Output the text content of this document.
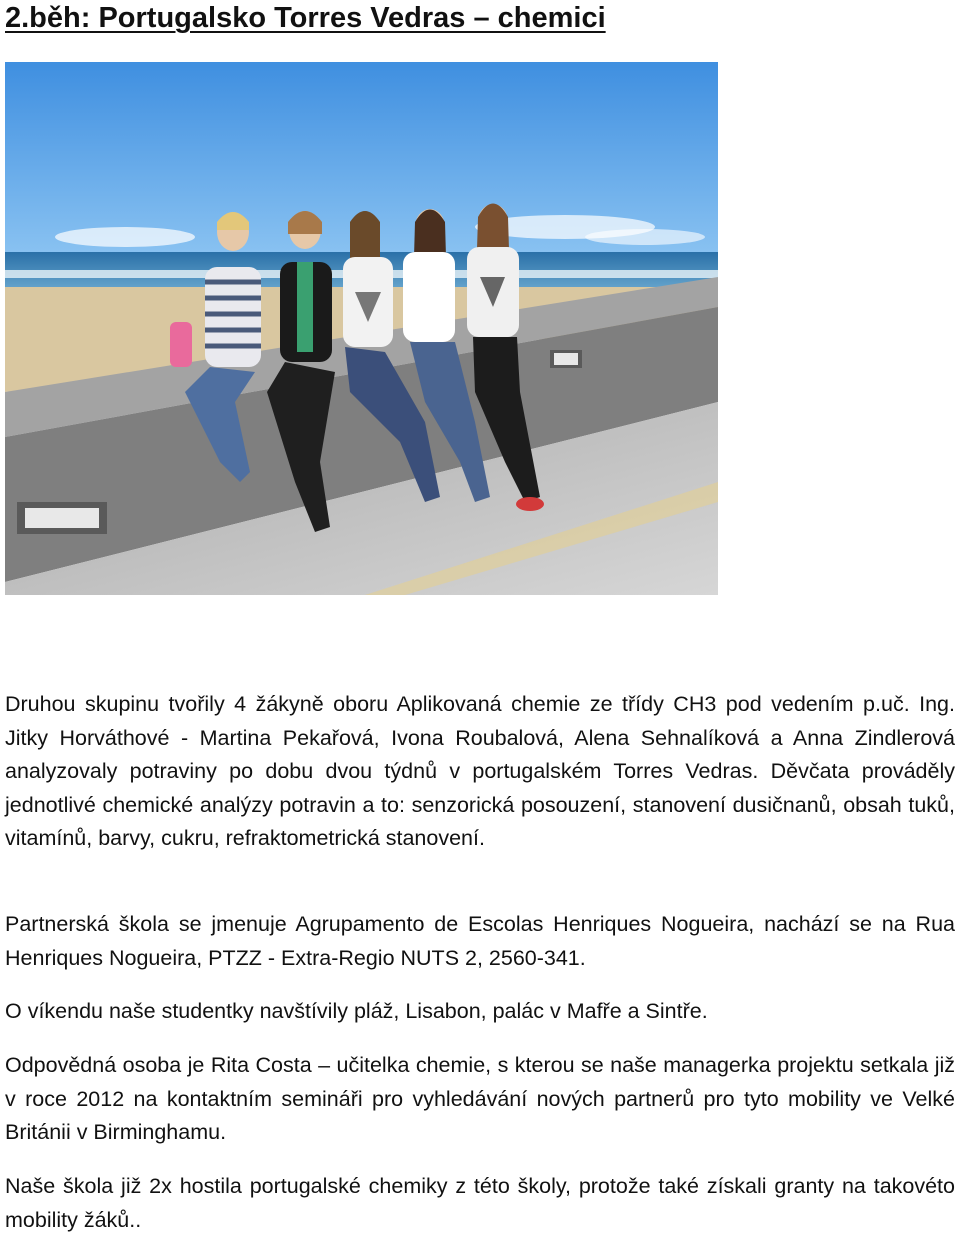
2.běh: Portugalsko Torres Vedras – chemici

Druhou skupinu tvořily 4 žákyně oboru Aplikovaná chemie ze třídy CH3 pod vedením p.uč. Ing. Jitky Horváthové - Martina Pekařová, Ivona Roubalová, Alena Sehnalíková a Anna Zindlerová analyzovaly potraviny po dobu dvou týdnů v portugalském Torres Vedras. Děvčata prováděly jednotlivé chemické analýzy potravin a to: senzorická posouzení, stanovení dusičnanů, obsah tuků, vitamínů, barvy, cukru, refraktometrická stanovení.

Partnerská škola se jmenuje Agrupamento de Escolas Henriques Nogueira, nachází se na Rua Henriques Nogueira, PTZZ - Extra-Regio NUTS 2, 2560-341.

O víkendu naše studentky navštívily pláž, Lisabon, palác v Mafře a Sintře.

Odpovědná osoba je Rita Costa – učitelka chemie, s kterou se naše managerka projektu setkala již v roce 2012 na kontaktním semináři pro vyhledávání nových partnerů pro tyto mobility ve Velké Británii v Birminghamu.

Naše škola již 2x hostila portugalské chemiky z této školy, protože také získali granty na takovéto mobility žáků..
